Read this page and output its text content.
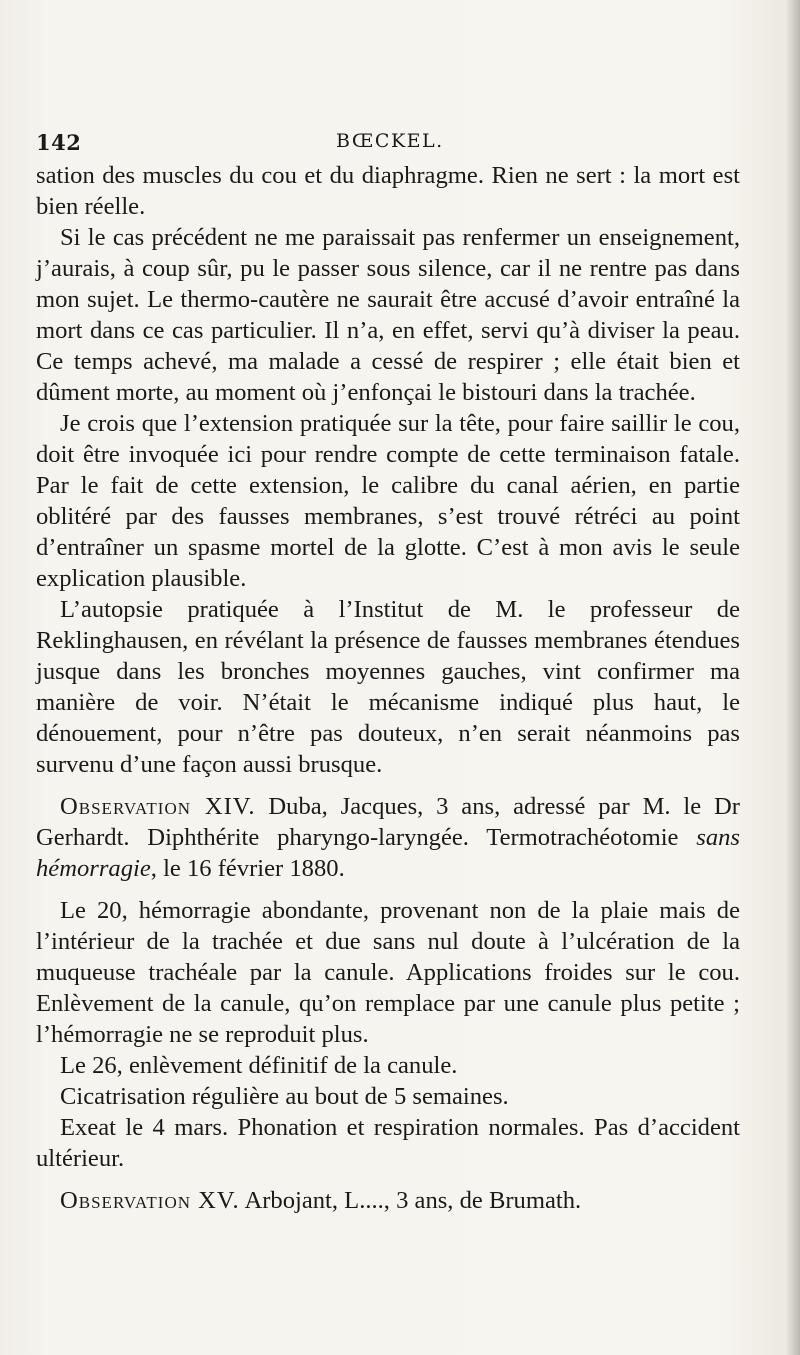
142	BŒCKEL.

sation des muscles du cou et du diaphragme. Rien ne sert : la mort est bien réelle.

Si le cas précédent ne me paraissait pas renfermer un enseignement, j’aurais, à coup sûr, pu le passer sous silence, car il ne rentre pas dans mon sujet. Le thermo-cautère ne saurait être accusé d’avoir entraîné la mort dans ce cas particulier. Il n’a, en effet, servi qu’à diviser la peau. Ce temps achevé, ma malade a cessé de respirer ; elle était bien et dûment morte, au moment où j’enfonçai le bistouri dans la trachée.

Je crois que l’extension pratiquée sur la tête, pour faire saillir le cou, doit être invoquée ici pour rendre compte de cette terminaison fatale. Par le fait de cette extension, le calibre du canal aérien, en partie oblitéré par des fausses membranes, s’est trouvé rétréci au point d’entraîner un spasme mortel de la glotte. C’est à mon avis le seule explication plausible.

L’autopsie pratiquée à l’Institut de M. le professeur de Reklinghausen, en révélant la présence de fausses membranes étendues jusque dans les bronches moyennes gauches, vint confirmer ma manière de voir. N’était le mécanisme indiqué plus haut, le dénouement, pour n’être pas douteux, n’en serait néanmoins pas survenu d’une façon aussi brusque.

Observation XIV. Duba, Jacques, 3 ans, adressé par M. le Dr Gerhardt. Diphthérite pharyngo-laryngée. Termotrachéotomie sans hémorragie, le 16 février 1880.

Le 20, hémorragie abondante, provenant non de la plaie mais de l’intérieur de la trachée et due sans nul doute à l’ulcération de la muqueuse trachéale par la canule. Applications froides sur le cou. Enlèvement de la canule, qu’on remplace par une canule plus petite ; l’hémorragie ne se reproduit plus.

Le 26, enlèvement définitif de la canule.

Cicatrisation régulière au bout de 5 semaines.

Exeat le 4 mars. Phonation et respiration normales. Pas d’accident ultérieur.

Observation XV. Arbojant, L...., 3 ans, de Brumath.
